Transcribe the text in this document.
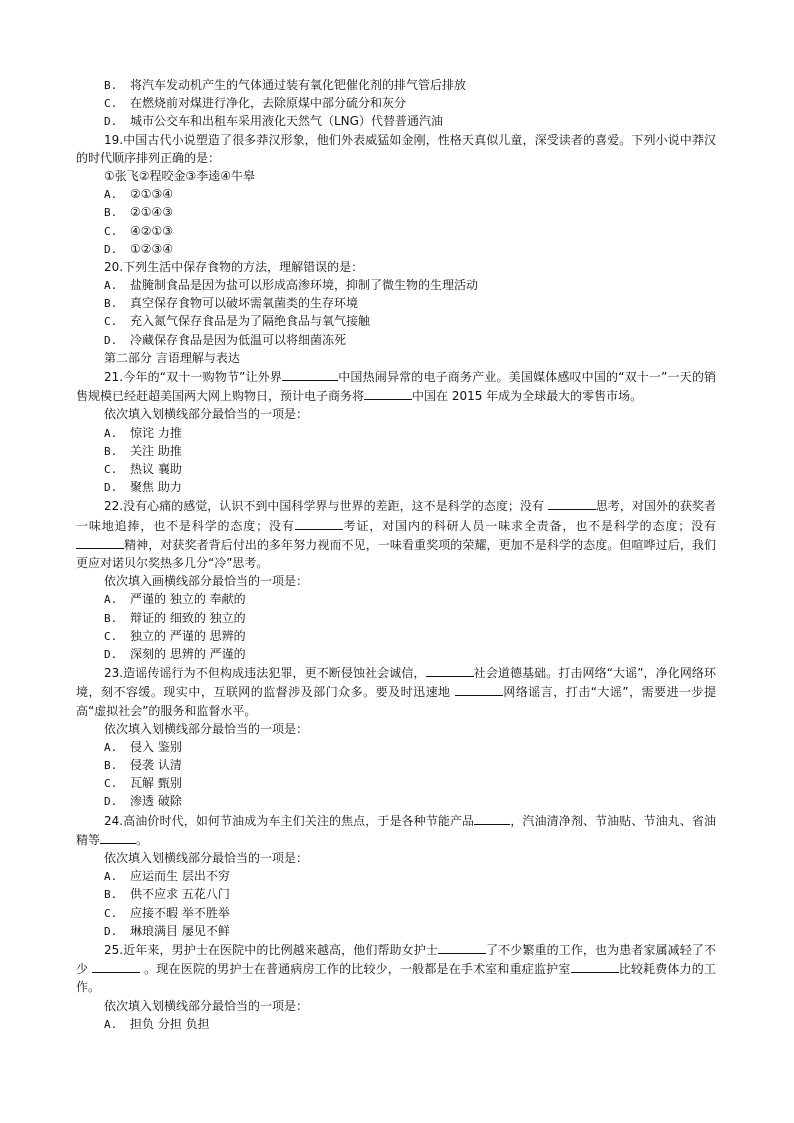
B. 将汽车发动机产生的气体通过装有氧化钯催化剂的排气管后排放
C. 在燃烧前对煤进行净化，去除原煤中部分硫分和灰分
D. 城市公交车和出租车采用液化天然气（LNG）代替普通汽油
19.中国古代小说塑造了很多莽汉形象，他们外表威猛如金刚，性格天真似儿童，深受读者的喜爱。下列小说中莽汉的时代顺序排列正确的是：
①张飞②程咬金③李逵④牛皋
A. ②①③④
B. ②①④③
C. ④②①③
D. ①②③④
20.下列生活中保存食物的方法，理解错误的是：
A. 盐腌制食品是因为盐可以形成高渗环境，抑制了微生物的生理活动
B. 真空保存食物可以破坏需氧菌类的生存环境
C. 充入氮气保存食品是为了隔绝食品与氧气接触
D. 冷藏保存食品是因为低温可以将细菌冻死
第二部分 言语理解与表达
21.今年的“双十一购物节”让外界	中国热闹异常的电子商务产业。美国媒体感叹中国的“双十一”一天的销售规模已经赶超美国两大网上购物日，预计电子商务将	中国在 2015 年成为全球最大的零售市场。
依次填入划横线部分最恰当的一项是：
A. 惊诧 力推
B. 关注 助推
C. 热议 襄助
D. 聚焦 助力
22.没有心痛的感觉，认识不到中国科学界与世界的差距，这不是科学的态度；没有	思考，对国外的获奖者一味地追捧，也不是科学的态度；没有	考证，对国内的科研人员一味求全责备，也不是科学的态度；没有精神，对获奖者背后付出的多年努力视而不见，一味看重奖项的荣耀，更加不是科学的态度。但喧哗过后，我们更应对诺贝尔奖热多几分“冷”思考。
依次填入画横线部分最恰当的一项是：
A. 严谨的 独立的 奉献的
B. 辩证的 细致的 独立的
C. 独立的 严谨的 思辨的
D. 深刻的 思辨的 严谨的
23.造谣传谣行为不但构成违法犯罪，更不断侵蚀社会诚信，	社会道德基础。打击网络“大谣”，净化网络环境，刻不容缓。现实中，互联网的监督涉及部门众多。要及时迅速地	网络谣言，打击“大谣”，需要进一步提高“虚拟社会”的服务和监督水平。
依次填入划横线部分最恰当的一项是：
A. 侵入 鉴别
B. 侵袭 认清
C. 瓦解 甄别
D. 渗透 破除
24.高油价时代，如何节油成为车主们关注的焦点，于是各种节能产品	，汽油清净剂、节油贴、节油丸、省油精等	。
依次填入划横线部分最恰当的一项是：
A. 应运而生 层出不穷
B. 供不应求 五花八门
C. 应接不暇 举不胜举
D. 琳琅满目 屡见不鲜
25.近年来，男护士在医院中的比例越来越高，他们帮助女护士	了不少繁重的工作，也为患者家属减轻了不少	。现在医院的男护士在普通病房工作的比较少，一般都是在手术室和重症监护室	比较耗费体力的工作。
依次填入划横线部分最恰当的一项是：
A. 担负 分担 负担
